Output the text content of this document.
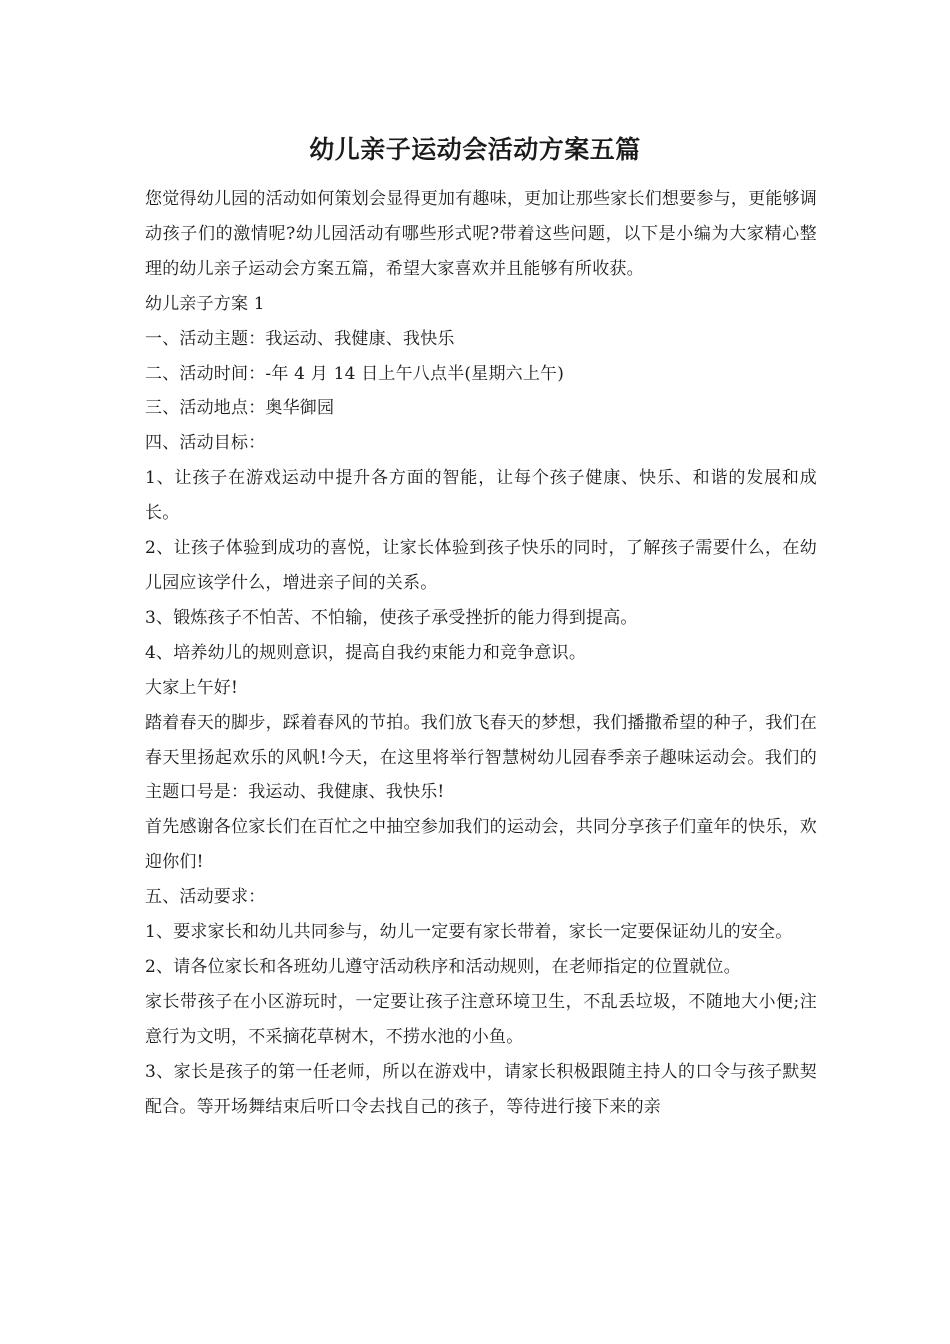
幼儿亲子运动会活动方案五篇

您觉得幼儿园的活动如何策划会显得更加有趣味，更加让那些家长们想要参与，更能够调动孩子们的激情呢?幼儿园活动有哪些形式呢?带着这些问题，以下是小编为大家精心整理的幼儿亲子运动会方案五篇，希望大家喜欢并且能够有所收获。

幼儿亲子方案 1

一、活动主题：我运动、我健康、我快乐

二、活动时间：-年 4 月 14 日上午八点半(星期六上午)

三、活动地点：奥华御园

四、活动目标：

1、让孩子在游戏运动中提升各方面的智能，让每个孩子健康、快乐、和谐的发展和成长。

2、让孩子体验到成功的喜悦，让家长体验到孩子快乐的同时，了解孩子需要什么，在幼儿园应该学什么，增进亲子间的关系。

3、锻炼孩子不怕苦、不怕输，使孩子承受挫折的能力得到提高。

4、培养幼儿的规则意识，提高自我约束能力和竞争意识。

大家上午好!

踏着春天的脚步，踩着春风的节拍。我们放飞春天的梦想，我们播撒希望的种子，我们在春天里扬起欢乐的风帆!今天，在这里将举行智慧树幼儿园春季亲子趣味运动会。我们的主题口号是：我运动、我健康、我快乐!

首先感谢各位家长们在百忙之中抽空参加我们的运动会，共同分享孩子们童年的快乐，欢迎你们!

五、活动要求：

1、要求家长和幼儿共同参与，幼儿一定要有家长带着，家长一定要保证幼儿的安全。

2、请各位家长和各班幼儿遵守活动秩序和活动规则，在老师指定的位置就位。

家长带孩子在小区游玩时，一定要让孩子注意环境卫生，不乱丢垃圾，不随地大小便;注意行为文明，不采摘花草树木，不捞水池的小鱼。

3、家长是孩子的第一任老师，所以在游戏中，请家长积极跟随主持人的口令与孩子默契配合。等开场舞结束后听口令去找自己的孩子，等待进行接下来的亲
